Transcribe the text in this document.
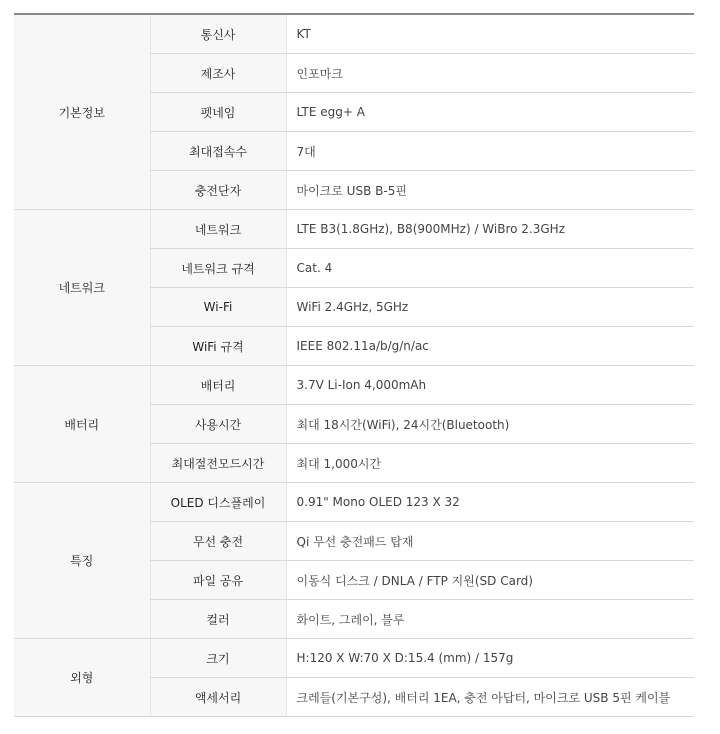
기본정보	통신사	KT
	제조사	인포마크
	펫네임	LTE egg+ A
	최대접속수	7대
	충전단자	마이크로 USB B-5핀
네트워크	네트워크	LTE B3(1.8GHz), B8(900MHz) / WiBro 2.3GHz
	네트워크 규격	Cat. 4
	Wi-Fi	WiFi 2.4GHz, 5GHz
	WiFi 규격	IEEE 802.11a/b/g/n/ac
배터리	배터리	3.7V Li-Ion 4,000mAh
	사용시간	최대 18시간(WiFi), 24시간(Bluetooth)
	최대절전모드시간	최대 1,000시간
특징	OLED 디스플레이	0.91" Mono OLED 123 X 32
	무선 충전	Qi 무선 충전패드 탑재
	파일 공유	이동식 디스크 / DNLA / FTP 지원(SD Card)
	컬러	화이트, 그레이, 블루
외형	크기	H:120 X W:70 X D:15.4 (mm) / 157g
	액세서리	크레들(기본구성), 배터리 1EA, 충전 아답터, 마이크로 USB 5핀 케이블
